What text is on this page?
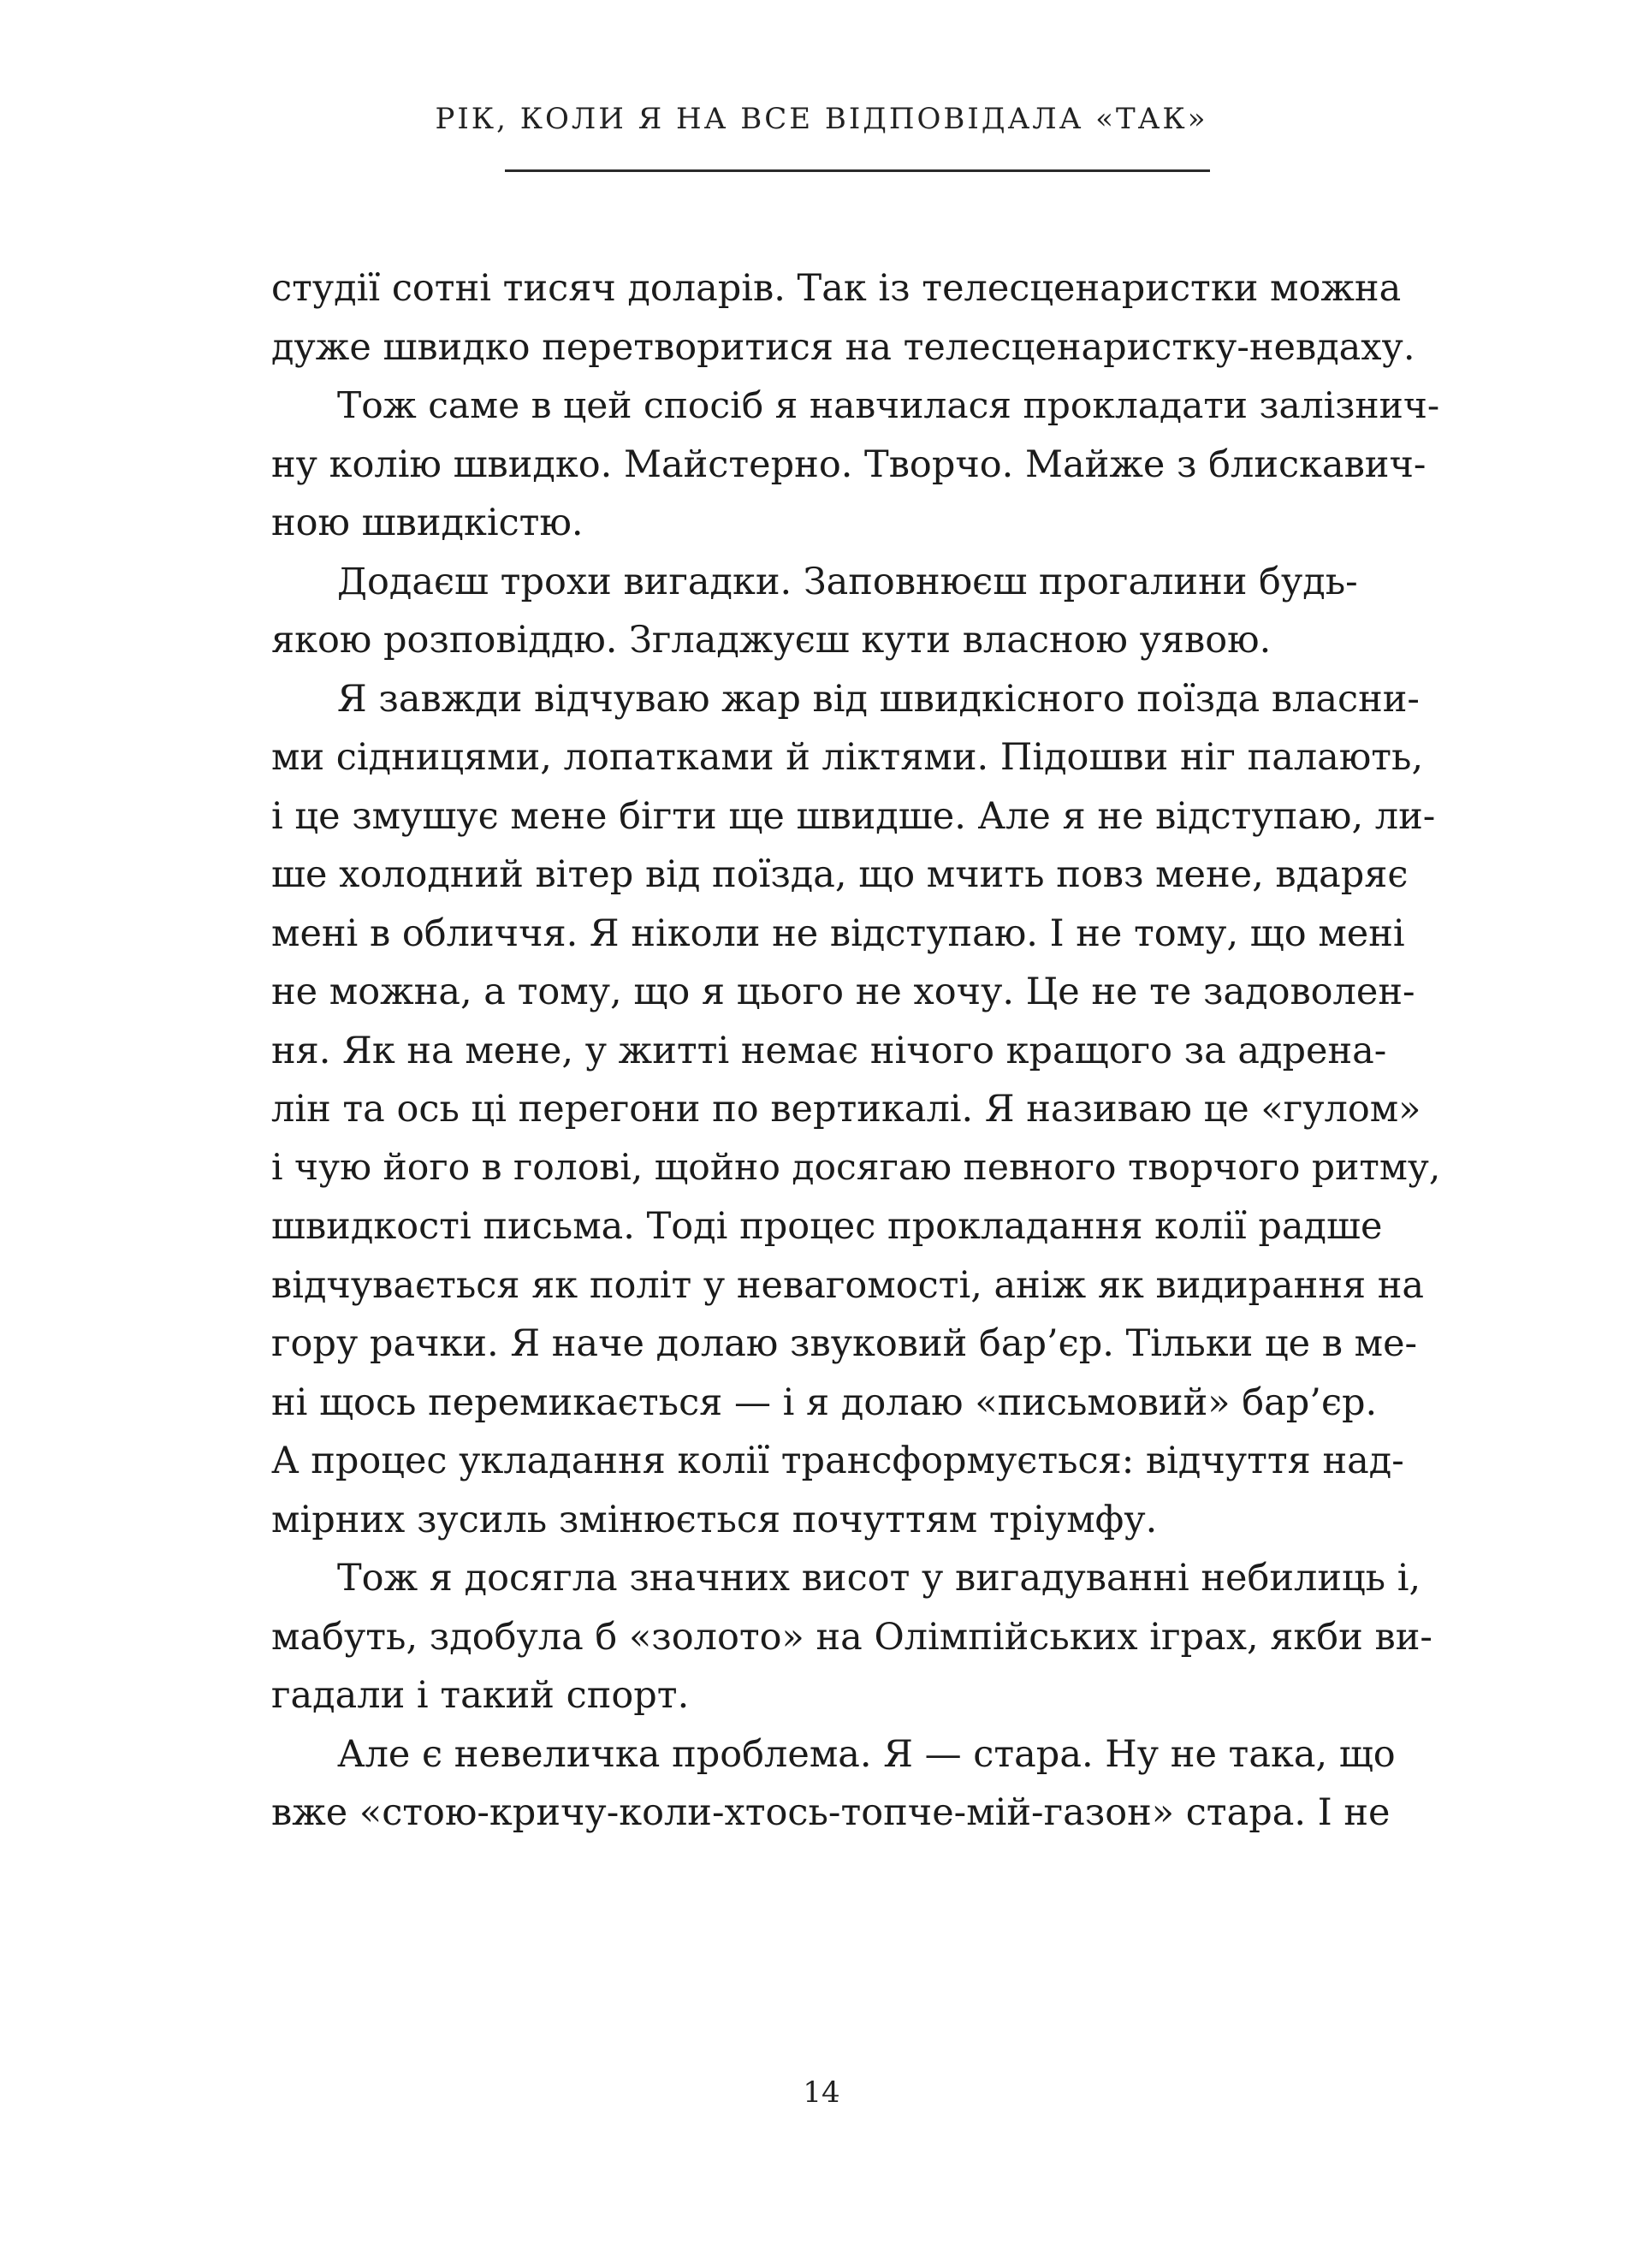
РІК, КОЛИ Я НА ВСЕ ВІДПОВІДАЛА «ТАК»

студії сотні тисяч доларів. Так із телесценаристки можна

дуже швидко перетворитися на телесценаристку-невдаху.

Тож саме в цей спосіб я навчилася прокладати залізнич-

ну колію швидко. Майстерно. Творчо. Майже з блискавич-

ною швидкістю.

Додаєш трохи вигадки. Заповнюєш прогалини будь-

якою розповіддю. Згладжуєш кути власною уявою.

Я завжди відчуваю жар від швидкісного поїзда власни-

ми сідницями, лопатками й ліктями. Підошви ніг палають,

і це змушує мене бігти ще швидше. Але я не відступаю, ли-

ше холодний вітер від поїзда, що мчить повз мене, вдаряє

мені в обличчя. Я ніколи не відступаю. І не тому, що мені

не можна, а тому, що я цього не хочу. Це не те задоволен-

ня. Як на мене, у житті немає нічого кращого за адрена-

лін та ось ці перегони по вертикалі. Я називаю це «гулом»

і чую його в голові, щойно досягаю певного творчого ритму,

швидкості письма. Тоді процес прокладання колії радше

відчувається як політ у невагомості, аніж як видирання на

гору рачки. Я наче долаю звуковий бар’єр. Тільки це в ме-

ні щось перемикається — і я долаю «письмовий» бар’єр.

А процес укладання колії трансформується: відчуття над-

мірних зусиль змінюється почуттям тріумфу.

Тож я досягла значних висот у вигадуванні небилиць і,

мабуть, здобула б «золото» на Олімпійських іграх, якби ви-

гадали і такий спорт.

Але є невеличка проблема. Я — стара. Ну не така, що

вже «стою-кричу-коли-хтось-топче-мій-газон» стара. І не

14
